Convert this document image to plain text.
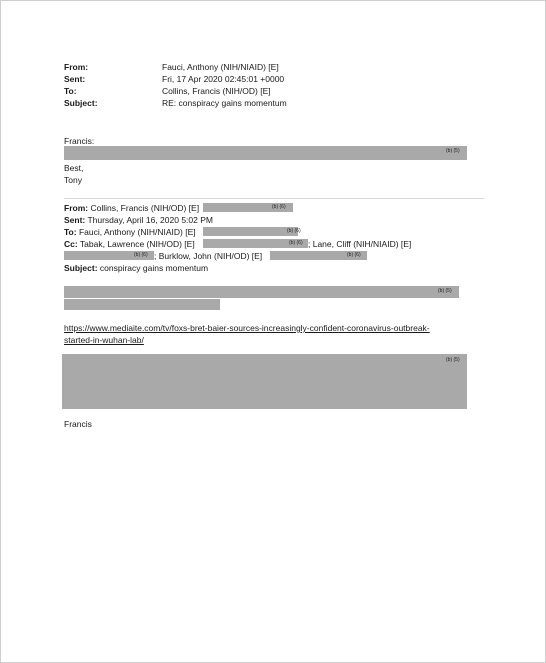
From:	Fauci, Anthony (NIH/NIAID) [E]
Sent:	Fri, 17 Apr 2020 02:45:01 +0000
To:	Collins, Francis (NIH/OD) [E]
Subject:	RE: conspiracy gains momentum
Francis:
(b) (5)
Best,
Tony
From: Collins, Francis (NIH/OD) [E]	(b) (6)
Sent: Thursday, April 16, 2020 5:02 PM
To: Fauci, Anthony (NIH/NIAID) [E]	(b) (6)
Cc: Tabak, Lawrence (NIH/OD) [E]	(b) (6) ; Lane, Cliff (NIH/NIAID) [E]
(b) (6) ; Burklow, John (NIH/OD) [E]	(b) (6)
Subject: conspiracy gains momentum
(b) (5)
https://www.mediaite.com/tv/foxs-bret-baier-sources-increasingly-confident-coronavirus-outbreak-
started-in-wuhan-lab/
(b) (5)
Francis
